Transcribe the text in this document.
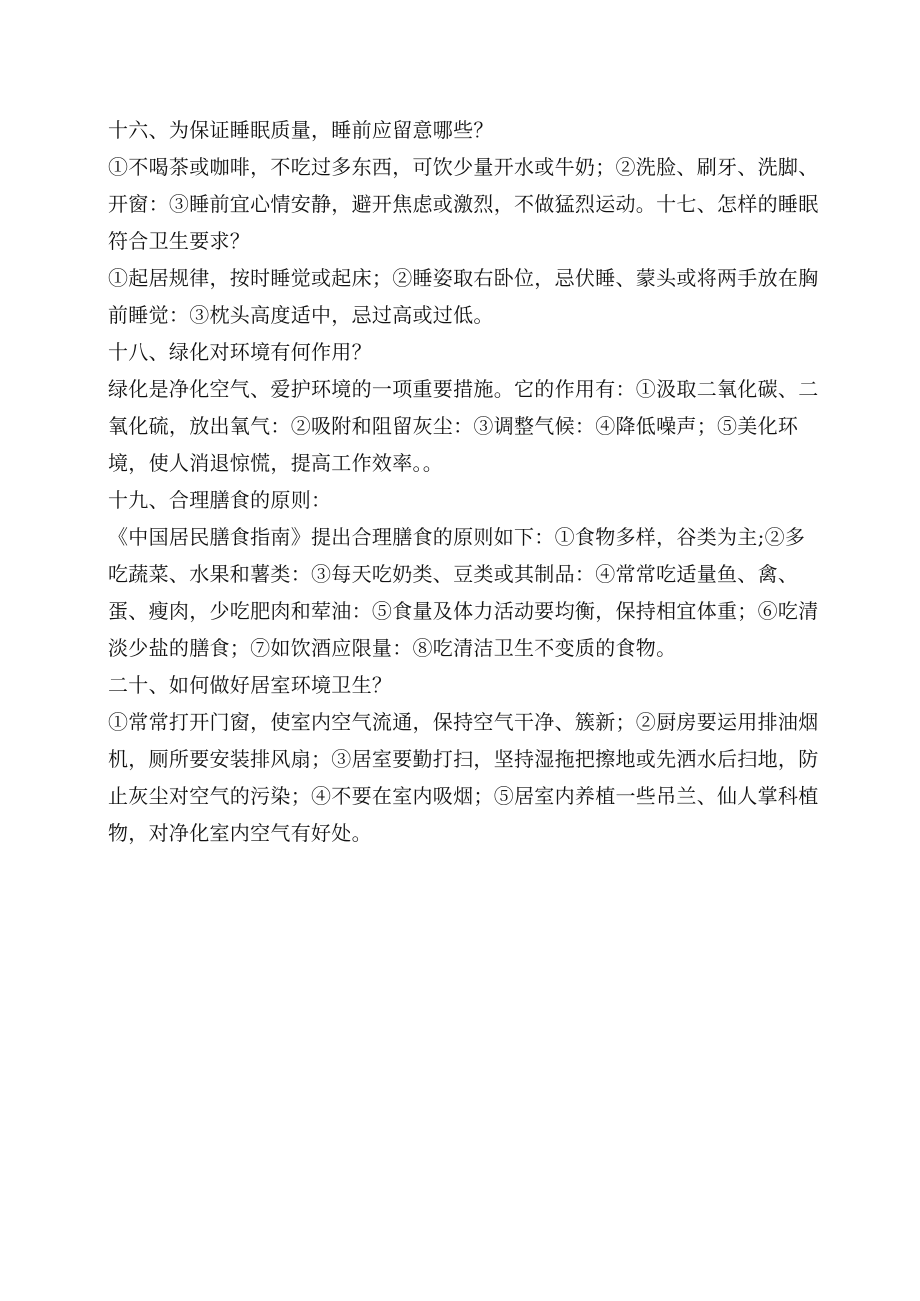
十六、为保证睡眠质量，睡前应留意哪些？
①不喝茶或咖啡，不吃过多东西，可饮少量开水或牛奶；②洗脸、刷牙、洗脚、
开窗：③睡前宜心情安静，避开焦虑或激烈，不做猛烈运动。十七、怎样的睡眠
符合卫生要求？
①起居规律，按时睡觉或起床；②睡姿取右卧位，忌伏睡、蒙头或将两手放在胸
前睡觉：③枕头高度适中，忌过高或过低。
十八、绿化对环境有何作用？
绿化是净化空气、爱护环境的一项重要措施。它的作用有：①汲取二氧化碳、二
氧化硫，放出氧气：②吸附和阻留灰尘：③调整气候：④降低噪声；⑤美化环
境，使人消退惊慌，提高工作效率。。
十九、合理膳食的原则：
《中国居民膳食指南》提出合理膳食的原则如下：①食物多样，谷类为主;②多
吃蔬菜、水果和薯类：③每天吃奶类、豆类或其制品：④常常吃适量鱼、禽、
蛋、瘦肉，少吃肥肉和荤油：⑤食量及体力活动要均衡，保持相宜体重；⑥吃清
淡少盐的膳食；⑦如饮酒应限量：⑧吃清洁卫生不变质的食物。
二十、如何做好居室环境卫生？
①常常打开门窗，使室内空气流通，保持空气干净、簇新；②厨房要运用排油烟
机，厕所要安装排风扇；③居室要勤打扫，坚持湿拖把擦地或先洒水后扫地，防
止灰尘对空气的污染；④不要在室内吸烟；⑤居室内养植一些吊兰、仙人掌科植
物，对净化室内空气有好处。
